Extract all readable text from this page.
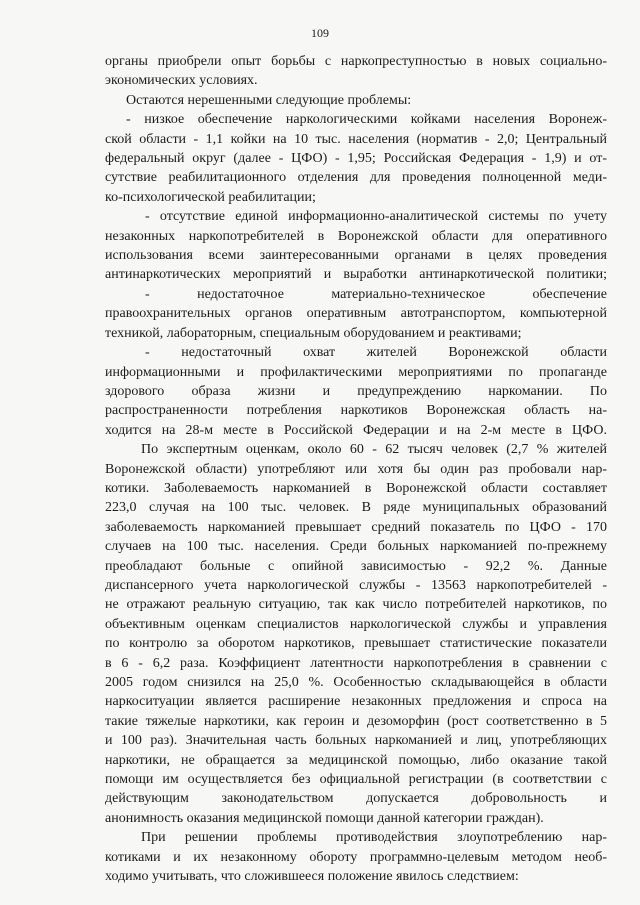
109
органы приобрели опыт борьбы с наркопреступностью в новых социально-
экономических условиях.
Остаются нерешенными следующие проблемы:
- низкое обеспечение наркологическими койками населения Воронеж-
ской области - 1,1 койки на 10 тыс. населения (норматив - 2,0; Центральный
федеральный округ (далее - ЦФО) - 1,95; Российская Федерация - 1,9) и от-
сутствие реабилитационного отделения для проведения полноценной меди-
ко-психологической реабилитации;
- отсутствие единой информационно-аналитической системы по учету
незаконных наркопотребителей в Воронежской области для оперативного
использования всеми заинтересованными органами в целях проведения
антинаркотических мероприятий и выработки антинаркотической политики;
- недостаточное материально-техническое обеспечение
правоохранительных органов оперативным автотранспортом, компьютерной
техникой, лабораторным, специальным оборудованием и реактивами;
- недостаточный охват жителей Воронежской области
информационными и профилактическими мероприятиями по пропаганде
здорового образа жизни и предупреждению наркомании. По
распространенности потребления наркотиков Воронежская область на-
ходится на 28-м месте в Российской Федерации и на 2-м месте в ЦФО.
По экспертным оценкам, около 60 - 62 тысяч человек (2,7 % жителей
Воронежской области) употребляют или хотя бы один раз пробовали нар-
котики. Заболеваемость наркоманией в Воронежской области составляет
223,0 случая на 100 тыс. человек. В ряде муниципальных образований
заболеваемость наркоманией превышает средний показатель по ЦФО - 170
случаев на 100 тыс. населения. Среди больных наркоманией по-прежнему
преобладают больные с опийной зависимостью - 92,2 %. Данные
диспансерного учета наркологической службы - 13563 наркопотребителей -
не отражают реальную ситуацию, так как число потребителей наркотиков, по
объективным оценкам специалистов наркологической службы и управления
по контролю за оборотом наркотиков, превышает статистические показатели
в 6 - 6,2 раза. Коэффициент латентности наркопотребления в сравнении с
2005 годом снизился на 25,0 %. Особенностью складывающейся в области
наркоситуации является расширение незаконных предложения и спроса на
такие тяжелые наркотики, как героин и дезоморфин (рост соответственно в 5
и 100 раз). Значительная часть больных наркоманией и лиц, употребляющих
наркотики, не обращается за медицинской помощью, либо оказание такой
помощи им осуществляется без официальной регистрации (в соответствии с
действующим законодательством допускается добровольность и
анонимность оказания медицинской помощи данной категории граждан).
При решении проблемы противодействия злоупотреблению нар-
котиками и их незаконному обороту программно-целевым методом необ-
ходимо учитывать, что сложившееся положение явилось следствием:
